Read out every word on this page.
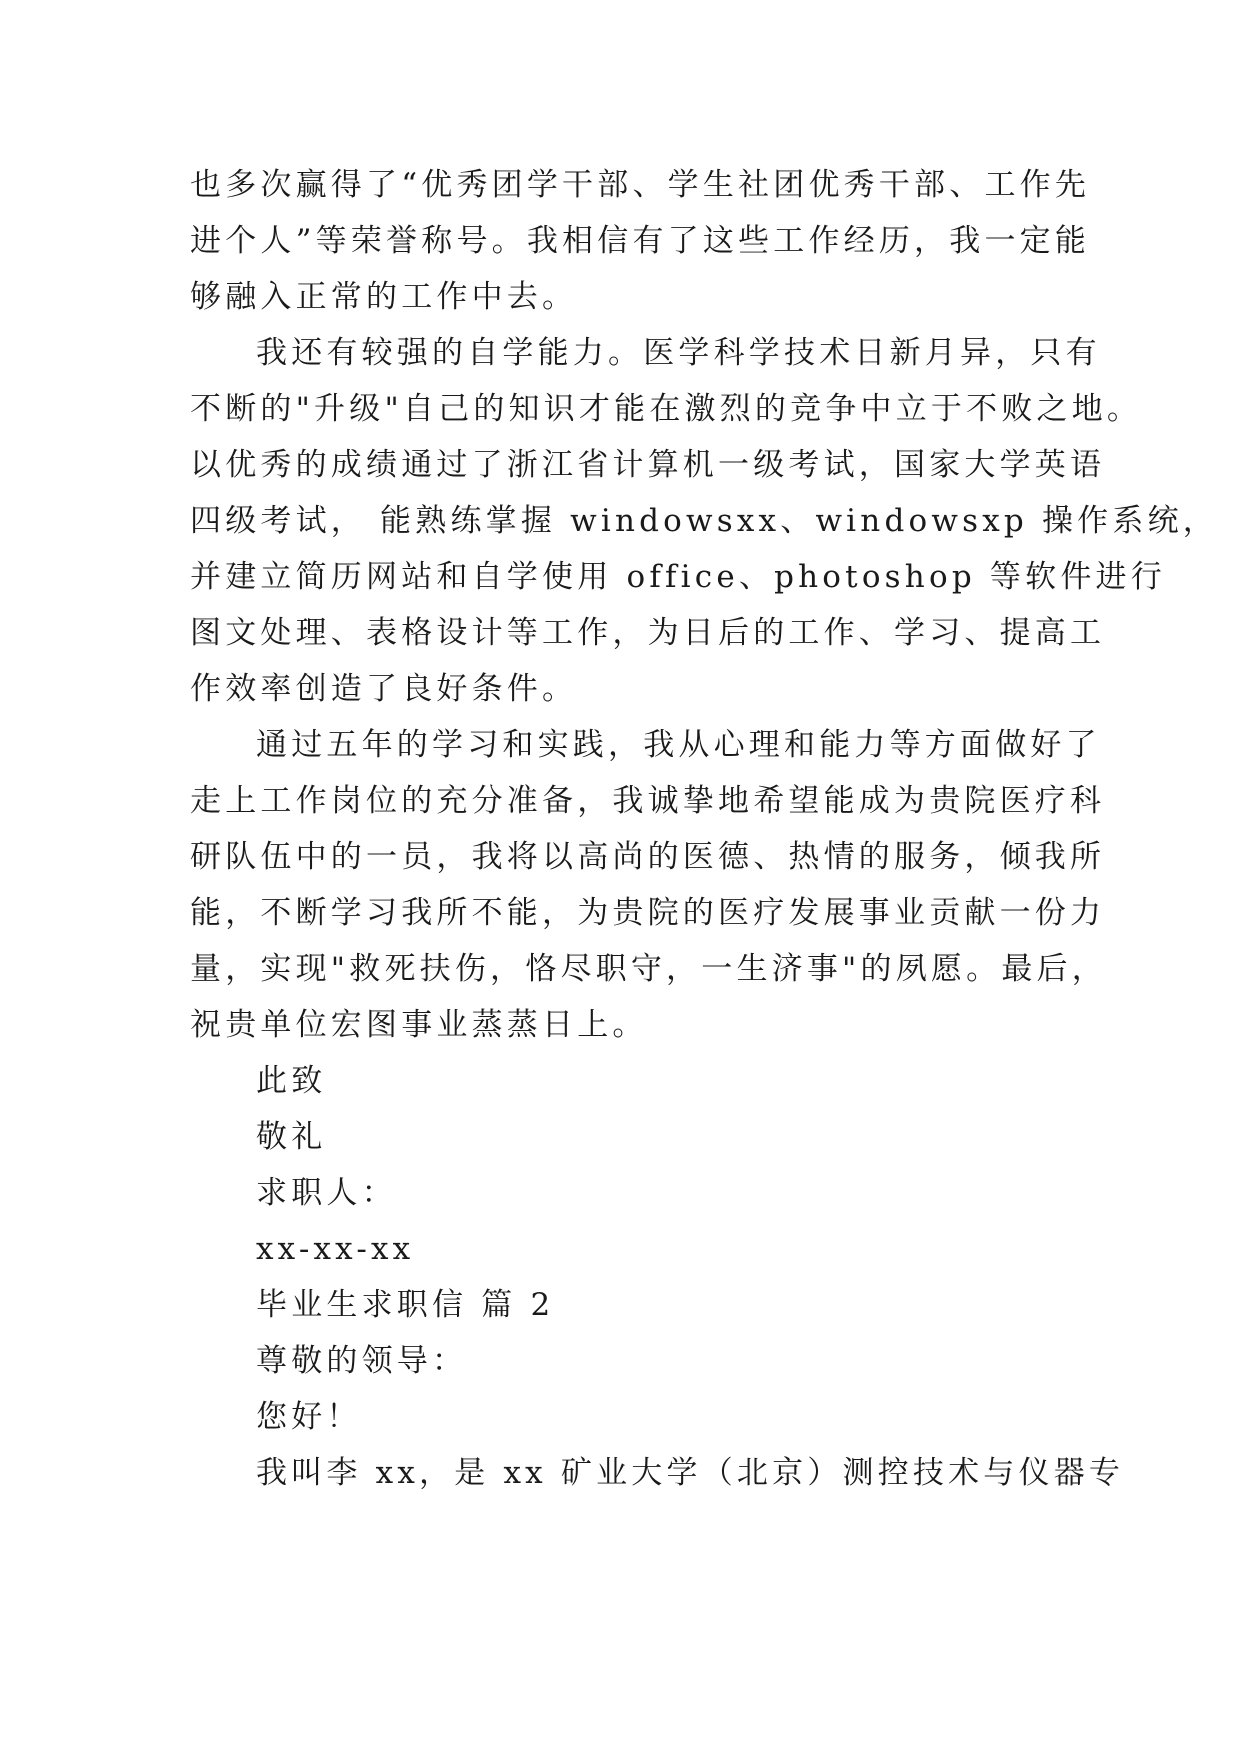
也多次赢得了“优秀团学干部、学生社团优秀干部、工作先
进个人”等荣誉称号。我相信有了这些工作经历，我一定能
够融入正常的工作中去。
我还有较强的自学能力。医学科学技术日新月异，只有
不断的"升级"自己的知识才能在激烈的竞争中立于不败之地。
以优秀的成绩通过了浙江省计算机一级考试，国家大学英语
四级考试， 能熟练掌握 windowsxx、windowsxp 操作系统，
并建立简历网站和自学使用 office、photoshop 等软件进行
图文处理、表格设计等工作，为日后的工作、学习、提高工
作效率创造了良好条件。
通过五年的学习和实践，我从心理和能力等方面做好了
走上工作岗位的充分准备，我诚挚地希望能成为贵院医疗科
研队伍中的一员，我将以高尚的医德、热情的服务，倾我所
能，不断学习我所不能，为贵院的医疗发展事业贡献一份力
量，实现"救死扶伤，恪尽职守，一生济事"的夙愿。最后，
祝贵单位宏图事业蒸蒸日上。
此致
敬礼
求职人：
xx-xx-xx
毕业生求职信 篇 2
尊敬的领导：
您好！
我叫李 xx，是 xx 矿业大学（北京）测控技术与仪器专
